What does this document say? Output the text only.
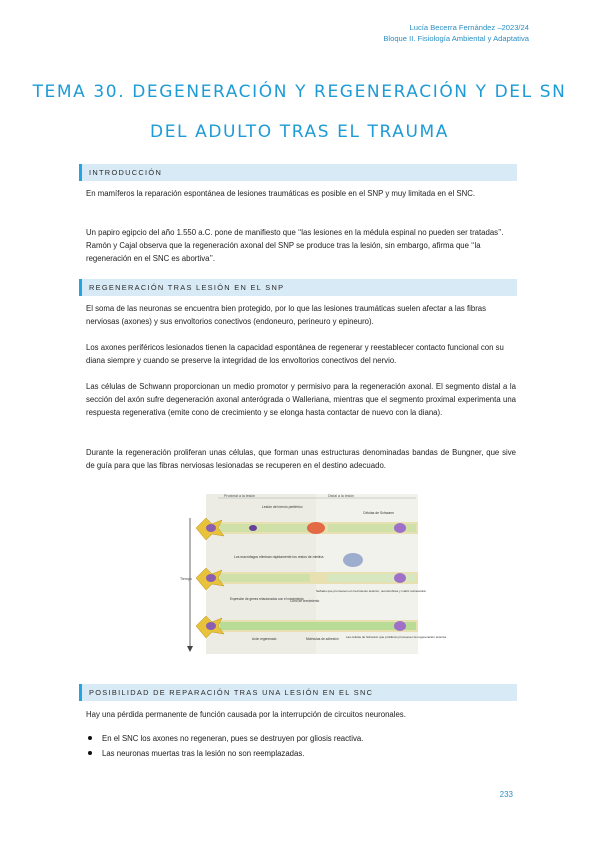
Lucía Becerra Fernández –2023/24
Bloque II. Fisiología Ambiental y Adaptativa
TEMA 30. DEGENERACIÓN Y REGENERACIÓN Y DEL SN
DEL ADULTO TRAS EL TRAUMA
INTRODUCCIÓN

En mamíferos la reparación espontánea de lesiones traumáticas es posible en el SNP y muy limitada en el SNC.

Un papiro egipcio del año 1.550 a.C. pone de manifiesto que ‘‘las lesiones en la médula espinal no pueden ser tratadas’’. Ramón y Cajal observa que la regeneración axonal del SNP se produce tras la lesión, sin embargo, afirma que ‘‘la regeneración en el SNC es abortiva’’.

REGENERACIÓN TRAS LESIÓN EN EL SNP

El soma de las neuronas se encuentra bien protegido, por lo que las lesiones traumáticas suelen afectar a las fibras nerviosas (axones) y sus envoltorios conectivos (endoneuro, perineuro y epineuro).

Los axones periféricos lesionados tienen la capacidad espontánea de regenerar y reestablecer contacto funcional con su diana siempre y cuando se preserve la integridad de los envoltorios conectivos del nervio.

Las células de Schwann proporcionan un medio promotor y permisivo para la regeneración axonal. El segmento distal a la sección del axón sufre degeneración axonal anterógrada o Walleriana, mientras que el segmento proximal experimenta una respuesta regenerativa (emite cono de crecimiento y se elonga hasta contactar de nuevo con la diana).

Durante la regeneración proliferan unas células, que forman unas estructuras denominadas bandas de Bungner, que sive de guía para que las fibras nerviosas lesionadas se recuperen en el destino adecuado.

Proximal a la lesión	Distal a la lesión
Tiempo
Lesión del nervio periférico
Células de Schwann
Los macrófagos eliminan rápidamente los restos de mielina
Expresión de genes relacionados con el crecimiento
Cono de crecimiento
Señales que promueven el crecimiento axónico, neurotrofinas y matriz extracelular
Axón regenerado	Moléculas de adhesión Las células de Schwann que proliferan promueven la regeneración axónica
POSIBILIDAD DE REPARACIÓN TRAS UNA LESIÓN EN EL SNC

Hay una pérdida permanente de función causada por la interrupción de circuitos neuronales.

En el SNC los axones no regeneran, pues se destruyen por gliosis reactiva.
Las neuronas muertas tras la lesión no son reemplazadas.
233
